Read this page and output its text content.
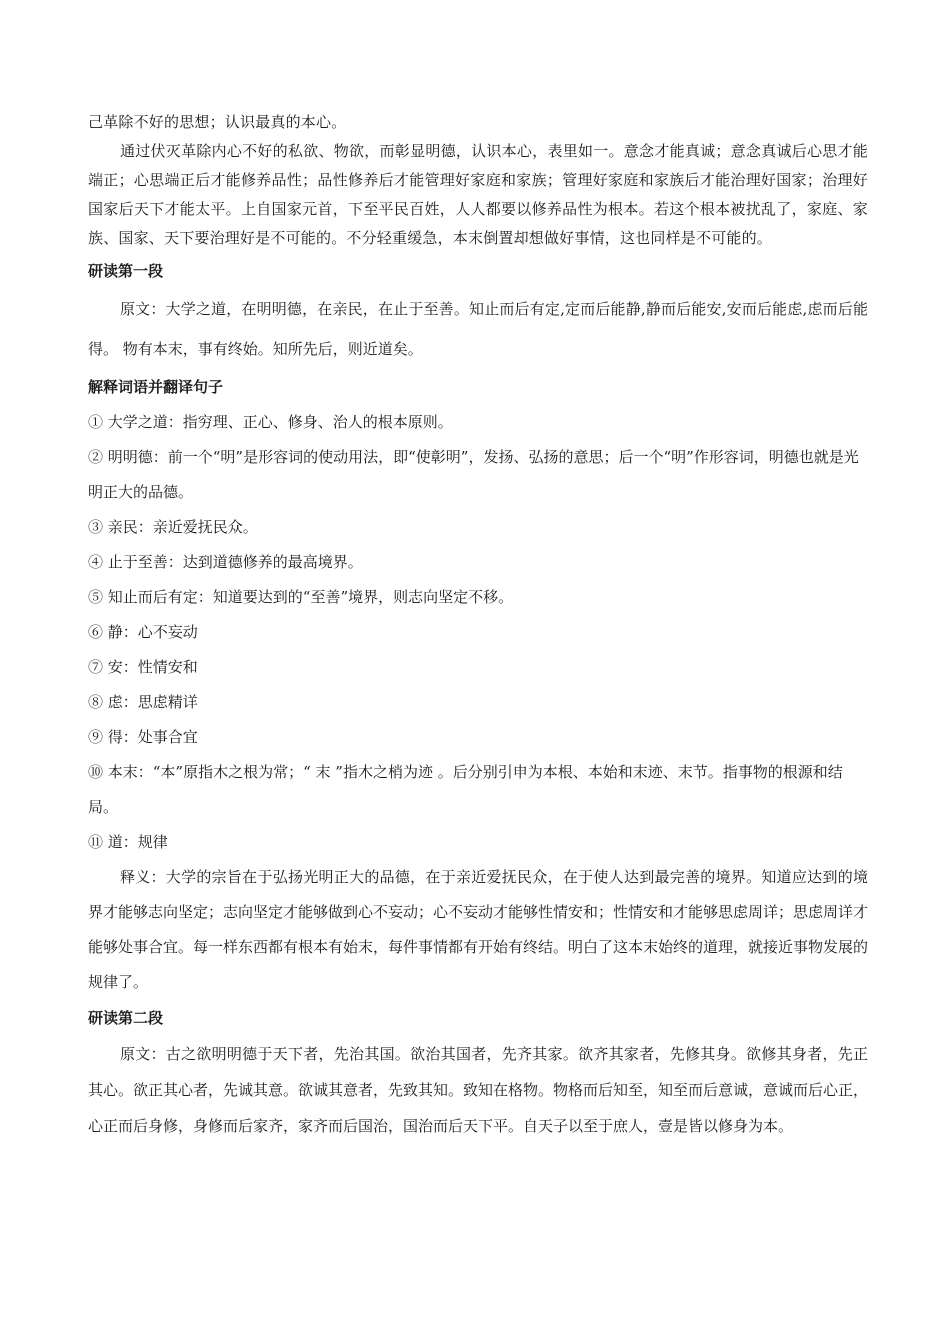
己革除不好的思想；认识最真的本心。

通过伏灭革除内心不好的私欲、物欲，而彰显明德，认识本心，表里如一。意念才能真诚；意念真诚后心思才能端正；心思端正后才能修养品性；品性修养后才能管理好家庭和家族；管理好家庭和家族后才能治理好国家；治理好国家后天下才能太平。上自国家元首，下至平民百姓，人人都要以修养品性为根本。若这个根本被扰乱了，家庭、家族、国家、天下要治理好是不可能的。不分轻重缓急，本末倒置却想做好事情，这也同样是不可能的。

研读第一段

原文：大学之道，在明明德，在亲民，在止于至善。知止而后有定,定而后能静,静而后能安,安而后能虑,虑而后能得。 物有本末，事有终始。知所先后，则近道矣。

解释词语并翻译句子

① 大学之道：指穷理、正心、修身、治人的根本原则。

② 明明德：前一个“明”是形容词的使动用法，即“使彰明”，发扬、弘扬的意思；后一个“明”作形容词，明德也就是光明正大的品德。

③ 亲民：亲近爱抚民众。

④ 止于至善：达到道德修养的最高境界。

⑤ 知止而后有定：知道要达到的“至善”境界，则志向坚定不移。

⑥ 静：心不妄动

⑦ 安：性情安和

⑧ 虑：思虑精详

⑨ 得：处事合宜

⑩ 本末：“本”原指木之根为常；“ 末 ”指木之梢为迹 。后分别引申为本根、本始和末迹、末节。指事物的根源和结局。

⑪ 道：规律

释义：大学的宗旨在于弘扬光明正大的品德，在于亲近爱抚民众，在于使人达到最完善的境界。知道应达到的境界才能够志向坚定；志向坚定才能够做到心不妄动；心不妄动才能够性情安和；性情安和才能够思虑周详；思虑周详才能够处事合宜。每一样东西都有根本有始末，每件事情都有开始有终结。明白了这本末始终的道理，就接近事物发展的规律了。

研读第二段

原文：古之欲明明德于天下者，先治其国。欲治其国者，先齐其家。欲齐其家者，先修其身。欲修其身者，先正其心。欲正其心者，先诚其意。欲诚其意者，先致其知。致知在格物。物格而后知至，知至而后意诚，意诚而后心正，心正而后身修，身修而后家齐，家齐而后国治，国治而后天下平。自天子以至于庶人，壹是皆以修身为本。
